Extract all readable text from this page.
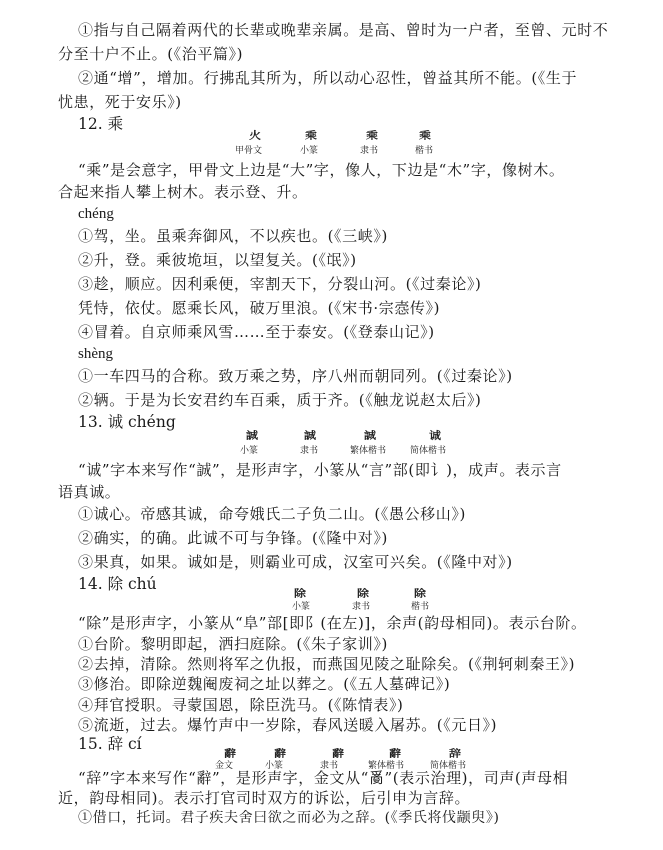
①指与自己隔着两代的长辈或晚辈亲属。是高、曾时为一户者，至曾、元时不
分至十户不止。(《治平篇》)
②通“增”，增加。行拂乱其所为，所以动心忍性，曾益其所不能。(《生于
忧患，死于安乐》)
12. 乘
⽕	乘	乘	乘
甲骨文	小篆	隶书	楷书
“乘”是会意字，甲骨文上边是“大”字，像人，下边是“木”字，像树木。
合起来指人攀上树木。表示登、升。
chéng
①驾，坐。虽乘奔御风，不以疾也。(《三峡》)
②升，登。乘彼垝垣，以望复关。(《氓》)
③趁，顺应。因利乘便，宰割天下，分裂山河。(《过秦论》)
凭恃，依仗。愿乘长风，破万里浪。(《宋书·宗悫传》)
④冒着。自京师乘风雪……至于泰安。(《登泰山记》)
shèng
①一车四马的合称。致万乘之势，序八州而朝同列。(《过秦论》)
②辆。于是为长安君约车百乘，质于齐。(《触龙说赵太后》)
13. 诚 chéng
誠	誠	誠	诚
小篆	隶书	繁体楷书	简体楷书
“诚”字本来写作“誠”，是形声字，小篆从“言”部(即讠)，成声。表示言
语真诚。
①诚心。帝感其诚，命夸娥氏二子负二山。(《愚公移山》)
②确实，的确。此诚不可与争锋。(《隆中对》)
③果真，如果。诚如是，则霸业可成，汉室可兴矣。(《隆中对》)
14. 除 chú
除	除	除
小篆	隶书	楷书
“除”是形声字，小篆从“阜”部[即阝(在左)]，余声(韵母相同)。表示台阶。
①台阶。黎明即起，洒扫庭除。(《朱子家训》)
②去掉，清除。然则将军之仇报，而燕国见陵之耻除矣。(《荆轲刺秦王》)
③修治。即除逆魏阉废祠之址以葬之。(《五人墓碑记》)
④拜官授职。寻蒙国恩，除臣洗马。(《陈情表》)
⑤流逝，过去。爆竹声中一岁除，春风送暖入屠苏。(《元日》)
15. 辞 cí
辭	辭	辭	辭	辞
金文	小篆	隶书	繁体楷书	简体楷书
“辞”字本来写作“辭”，是形声字，金文从“𤔔”(表示治理)，司声(声母相
近，韵母相同)。表示打官司时双方的诉讼，后引申为言辞。
①借口，托词。君子疾夫舍曰欲之而必为之辞。(《季氏将伐颛臾》)
